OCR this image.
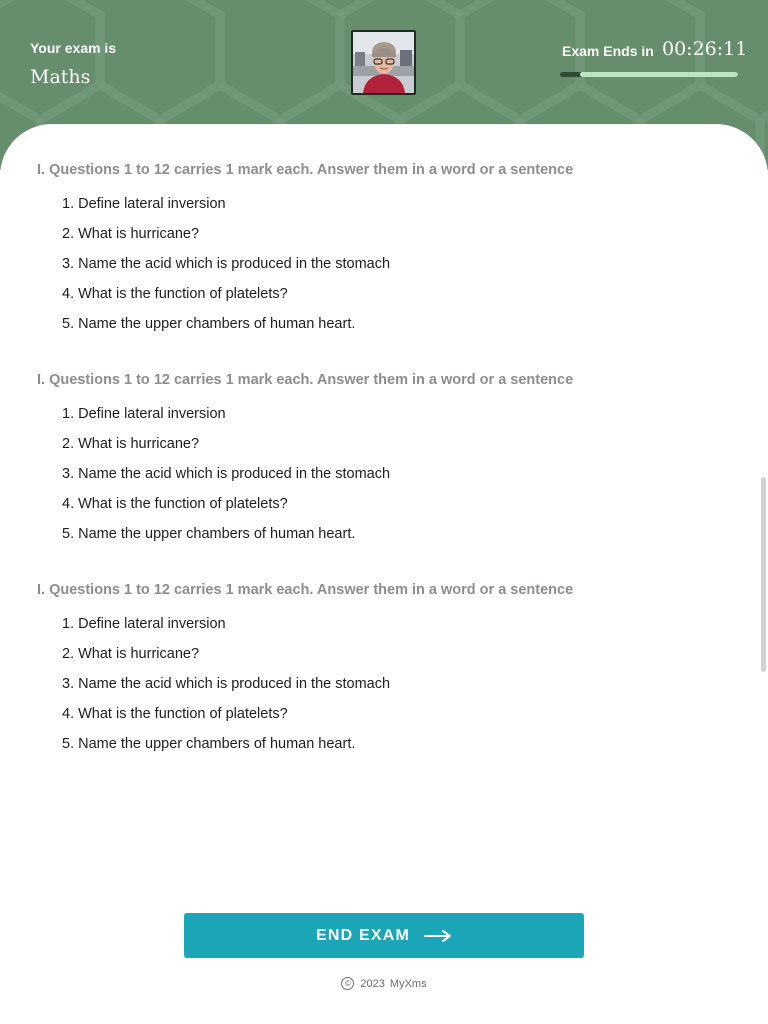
Your exam is
Maths
Exam Ends in 00:26:11
I. Questions 1 to 12 carries 1 mark each. Answer them in a word or a sentence
1. Define lateral inversion
2. What is hurricane?
3. Name the acid which is produced in the stomach
4. What is the function of platelets?
5. Name the upper chambers of human heart.
I. Questions 1 to 12 carries 1 mark each. Answer them in a word or a sentence
1. Define lateral inversion
2. What is hurricane?
3. Name the acid which is produced in the stomach
4. What is the function of platelets?
5. Name the upper chambers of human heart.
I. Questions 1 to 12 carries 1 mark each. Answer them in a word or a sentence
1. Define lateral inversion
2. What is hurricane?
3. Name the acid which is produced in the stomach
4. What is the function of platelets?
5. Name the upper chambers of human heart.
END EXAM
© 2023 MyXms
